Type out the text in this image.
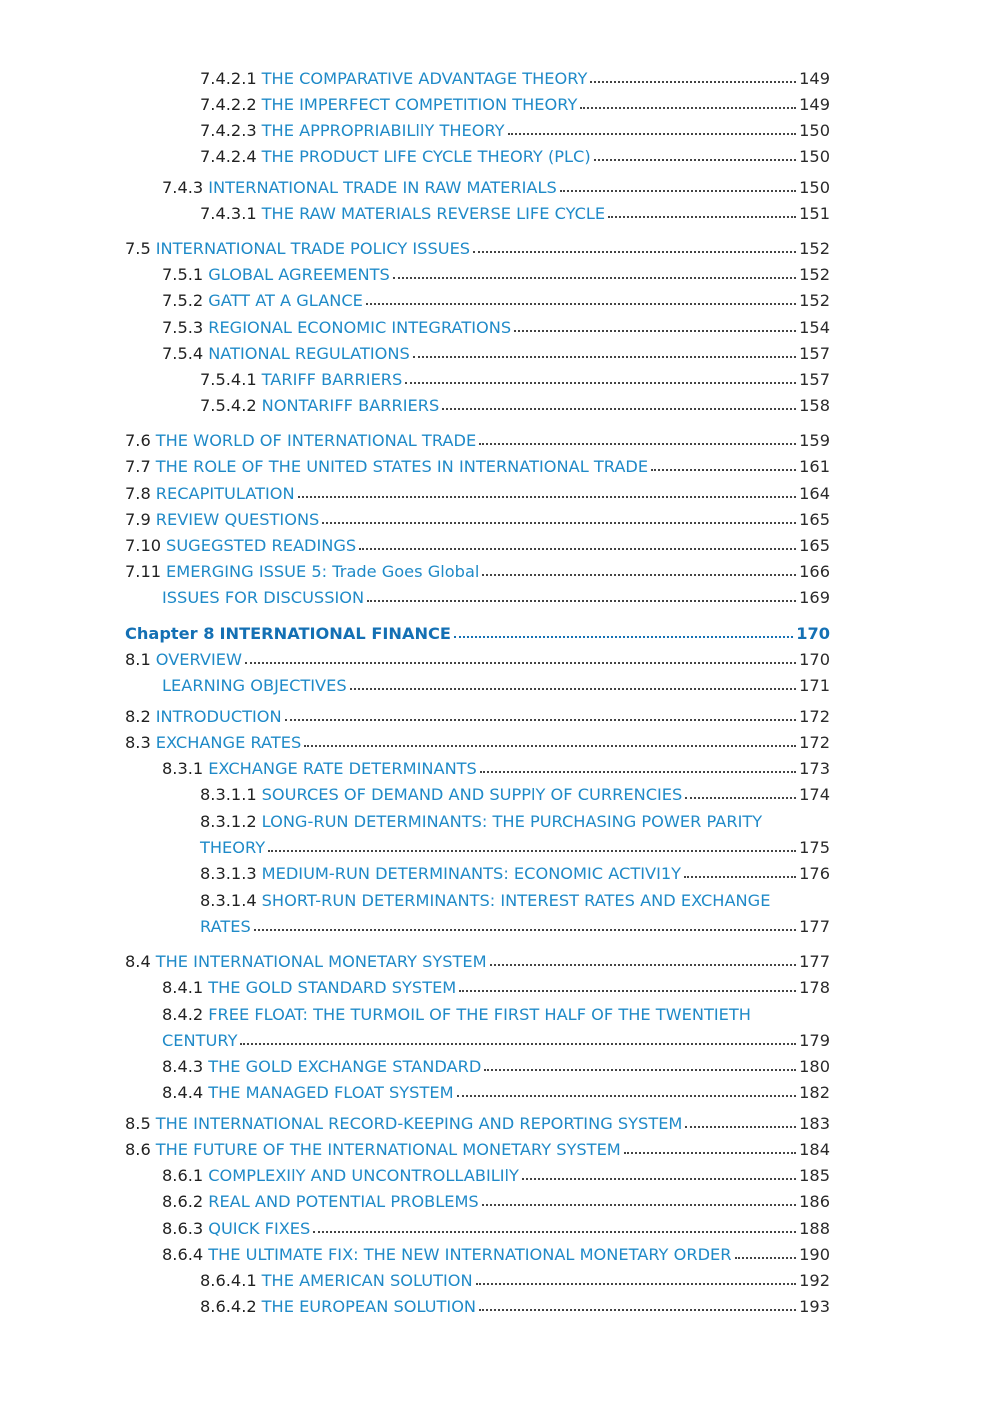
7.4.2.1 THE COMPARATIVE ADVANTAGE THEORY	149
7.4.2.2 THE IMPERFECT COMPETITION THEORY	149
7.4.2.3 THE APPROPRIABILllY THEORY	150
7.4.2.4 THE PRODUCT LIFE CYCLE THEORY (PLC)	150
7.4.3 INTERNATIONAL TRADE IN RAW MATERIALS	150
7.4.3.1 THE RAW MATERIALS REVERSE LIFE CYCLE	151
7.5 INTERNATIONAL TRADE POLICY ISSUES	152
7.5.1 GLOBAL AGREEMENTS	152
7.5.2 GATT AT A GLANCE	152
7.5.3 REGIONAL ECONOMIC INTEGRATIONS	154
7.5.4 NATIONAL REGULATIONS	157
7.5.4.1 TARIFF BARRIERS	157
7.5.4.2 NONTARIFF BARRIERS	158
7.6 THE WORLD OF INTERNATIONAL TRADE	159
7.7 THE ROLE OF THE UNITED STATES IN INTERNATIONAL TRADE	161
7.8 RECAPITULATION	164
7.9 REVIEW QUESTIONS	165
7.10 SUGEGSTED READINGS	165
7.11 EMERGING ISSUE 5: Trade Goes Global	166
ISSUES FOR DISCUSSION	169
Chapter 8 INTERNATIONAL FINANCE	170
8.1 OVERVIEW	170
LEARNING OBJECTIVES	171
8.2 INTRODUCTION	172
8.3 EXCHANGE RATES	172
8.3.1 EXCHANGE RATE DETERMINANTS	173
8.3.1.1 SOURCES OF DEMAND AND SUPPlY OF CURRENCIES	174
8.3.1.2 LONG-RUN DETERMINANTS: THE PURCHASING POWER PARITY
THEORY	175
8.3.1.3 MEDIUM-RUN DETERMINANTS: ECONOMIC ACTIVI1Y	176
8.3.1.4 SHORT-RUN DETERMINANTS: INTEREST RATES AND EXCHANGE
RATES	177
8.4 THE INTERNATIONAL MONETARY SYSTEM	177
8.4.1 THE GOLD STANDARD SYSTEM	178
8.4.2 FREE FLOAT: THE TURMOIL OF THE FIRST HALF OF THE TWENTIETH
CENTURY	179
8.4.3 THE GOLD EXCHANGE STANDARD	180
8.4.4 THE MANAGED FLOAT SYSTEM	182
8.5 THE INTERNATIONAL RECORD-KEEPING AND REPORTING SYSTEM	183
8.6 THE FUTURE OF THE INTERNATIONAL MONETARY SYSTEM	184
8.6.1 COMPLEXIlY AND UNCONTROLLABILIlY	185
8.6.2 REAL AND POTENTIAL PROBLEMS	186
8.6.3 QUICK FIXES	188
8.6.4 THE ULTIMATE FIX: THE NEW INTERNATIONAL MONETARY ORDER	190
8.6.4.1 THE AMERICAN SOLUTION	192
8.6.4.2 THE EUROPEAN SOLUTION	193
